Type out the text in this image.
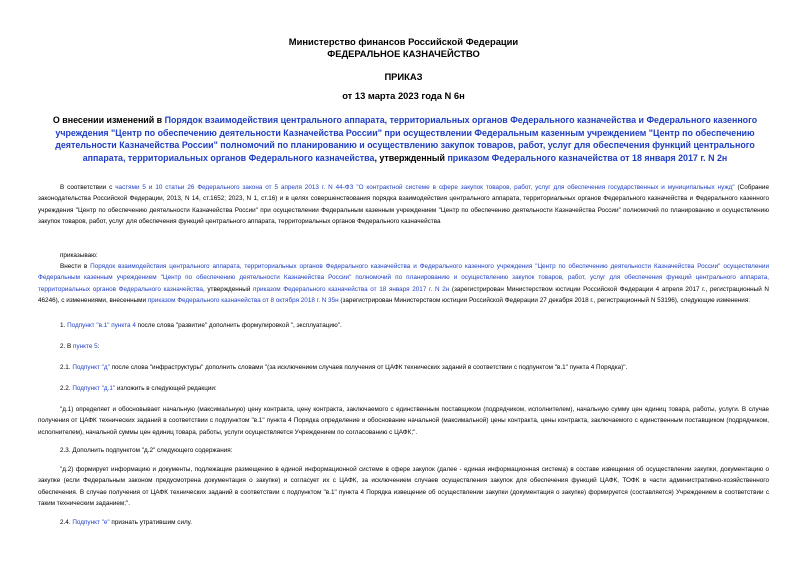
Министерство финансов Российской Федерации
ФЕДЕРАЛЬНОЕ КАЗНАЧЕЙСТВО
ПРИКАЗ
от 13 марта 2023 года N 6н
О внесении изменений в Порядок взаимодействия центрального аппарата, территориальных органов Федерального казначейства и Федерального казенного учреждения "Центр по обеспечению деятельности Казначейства России" при осуществлении Федеральным казенным учреждением "Центр по обеспечению деятельности Казначейства России" полномочий по планированию и осуществлению закупок товаров, работ, услуг для обеспечения функций центрального аппарата, территориальных органов Федерального казначейства, утвержденный приказом Федерального казначейства от 18 января 2017 г. N 2н

В соответствии с частями 5 и 10 статьи 26 Федерального закона от 5 апреля 2013 г. N 44-ФЗ "О контрактной системе в сфере закупок товаров, работ, услуг для обеспечения государственных и муниципальных нужд" (Собрание законодательства Российской Федерации, 2013, N 14, ст.1652; 2023, N 1, ст.16) и в целях совершенствования порядка взаимодействия центрального аппарата, территориальных органов Федерального казначейства и Федерального казенного учреждения "Центр по обеспечению деятельности Казначейства России" при осуществлении Федеральным казенным учреждением "Центр по обеспечению деятельности Казначейства России" полномочий по планированию и осуществлению закупок товаров, работ, услуг для обеспечения функций центрального аппарата, территориальных органов Федерального казначейства

приказываю:

Внести в Порядок взаимодействия центрального аппарата, территориальных органов Федерального казначейства и Федерального казенного учреждения "Центр по обеспечению деятельности Казначейства России" осуществлении Федеральным казенным учреждением "Центр по обеспечению деятельности Казначейства России" полномочий по планированию и осуществлению закупок товаров, работ, услуг для обеспечения функций центрального аппарата, территориальных органов Федерального казначейства, утвержденный приказом Федерального казначейства от 18 января 2017 г. N 2н (зарегистрирован Министерством юстиции Российской Федерации 4 апреля 2017 г., регистрационный N 46246), с изменениями, внесенными приказом Федерального казначейства от 8 октября 2018 г. N 35н (зарегистрирован Министерством юстиции Российской Федерации 27 декабря 2018 г., регистрационный N 53196), следующие изменения:

1. Подпункт "в.1" пункта 4 после слова "развитие" дополнить формулировкой ", эксплуатацию".

2. В пункте 5:

2.1. Подпункт "д" после слова "инфраструктуры" дополнить словами "(за исключением случаев получения от ЦАФК технических заданий в соответствии с подпунктом "в.1" пункта 4 Порядка)".

2.2. Подпункт "д.1" изложить в следующей редакции:

"д.1) определяет и обосновывает начальную (максимальную) цену контракта, цену контракта, заключаемого с единственным поставщиком (подрядчиком, исполнителем), начальную сумму цен единиц товара, работы, услуги. В случае получения от ЦАФК технических заданий в соответствии с подпунктом "в.1" пункта 4 Порядка определение и обоснование начальной (максимальной) цены контракта, цены контракта, заключаемого с единственным поставщиком (подрядчиком, исполнителем), начальной суммы цен единиц товара, работы, услуги осуществляется Учреждением по согласованию с ЦАФК;".

2.3. Дополнить подпунктом "д.2" следующего содержания:

"д.2) формирует информацию и документы, подлежащие размещению в единой информационной системе в сфере закупок (далее - единая информационная система) в составе извещения об осуществлении закупки, документацию о закупке (если Федеральным законом предусмотрена документация о закупке) и согласует их с ЦАФК, за исключением случаев осуществления закупок для обеспечения функций ЦАФК, ТОФК в части административно-хозяйственного обеспечения. В случае получения от ЦАФК технических заданий в соответствии с подпунктом "в.1" пункта 4 Порядка извещение об осуществлении закупки (документация о закупке) формируется (составляется) Учреждением в соответствии с таким техническим заданием;".

2.4. Подпункт "е" признать утратившим силу.
